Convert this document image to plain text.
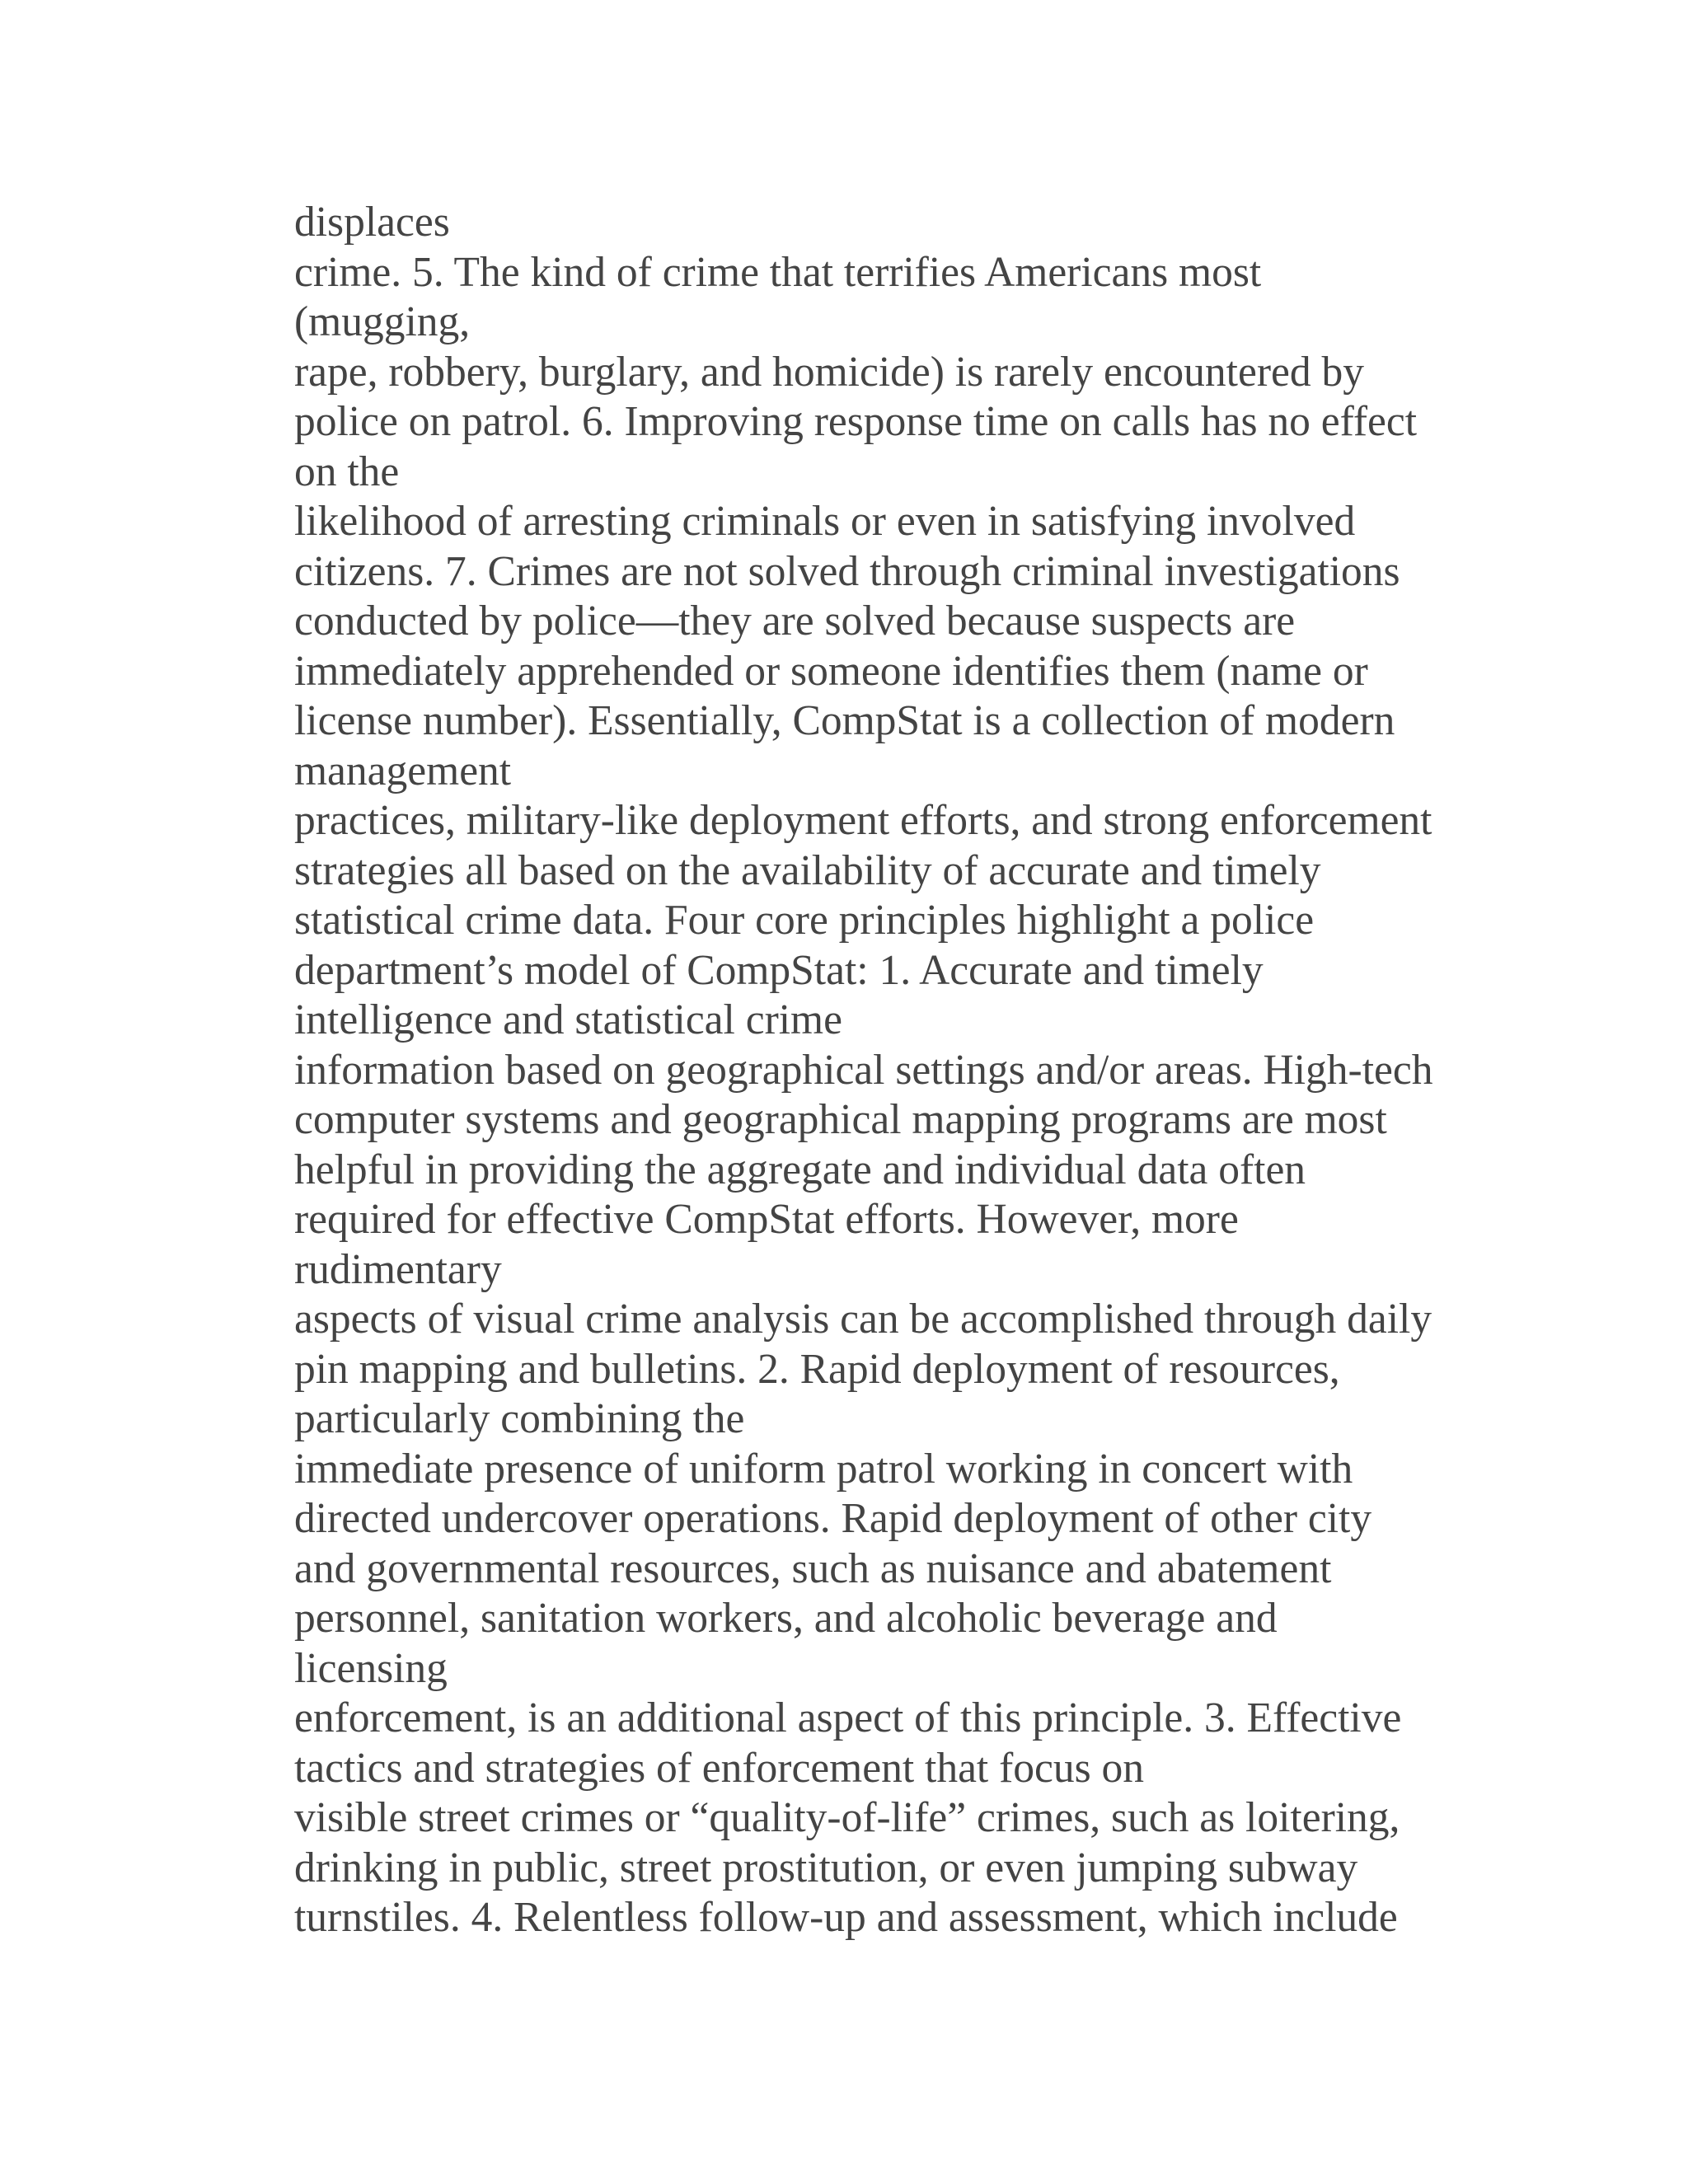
displaces
crime. 5. The kind of crime that terrifies Americans most
(mugging,
rape, robbery, burglary, and homicide) is rarely encountered by
police on patrol. 6. Improving response time on calls has no effect
on the
likelihood of arresting criminals or even in satisfying involved
citizens. 7. Crimes are not solved through criminal investigations
conducted by police—they are solved because suspects are
immediately apprehended or someone identifies them (name or
license number). Essentially, CompStat is a collection of modern
management
practices, military-like deployment efforts, and strong enforcement
strategies all based on the availability of accurate and timely
statistical crime data. Four core principles highlight a police
department’s model of CompStat: 1. Accurate and timely
intelligence and statistical crime
information based on geographical settings and/or areas. High-tech
computer systems and geographical mapping programs are most
helpful in providing the aggregate and individual data often
required for effective CompStat efforts. However, more
rudimentary
aspects of visual crime analysis can be accomplished through daily
pin mapping and bulletins. 2. Rapid deployment of resources,
particularly combining the
immediate presence of uniform patrol working in concert with
directed undercover operations. Rapid deployment of other city
and governmental resources, such as nuisance and abatement
personnel, sanitation workers, and alcoholic beverage and
licensing
enforcement, is an additional aspect of this principle. 3. Effective
tactics and strategies of enforcement that focus on
visible street crimes or “quality-of-life” crimes, such as loitering,
drinking in public, street prostitution, or even jumping subway
turnstiles. 4. Relentless follow-up and assessment, which include
